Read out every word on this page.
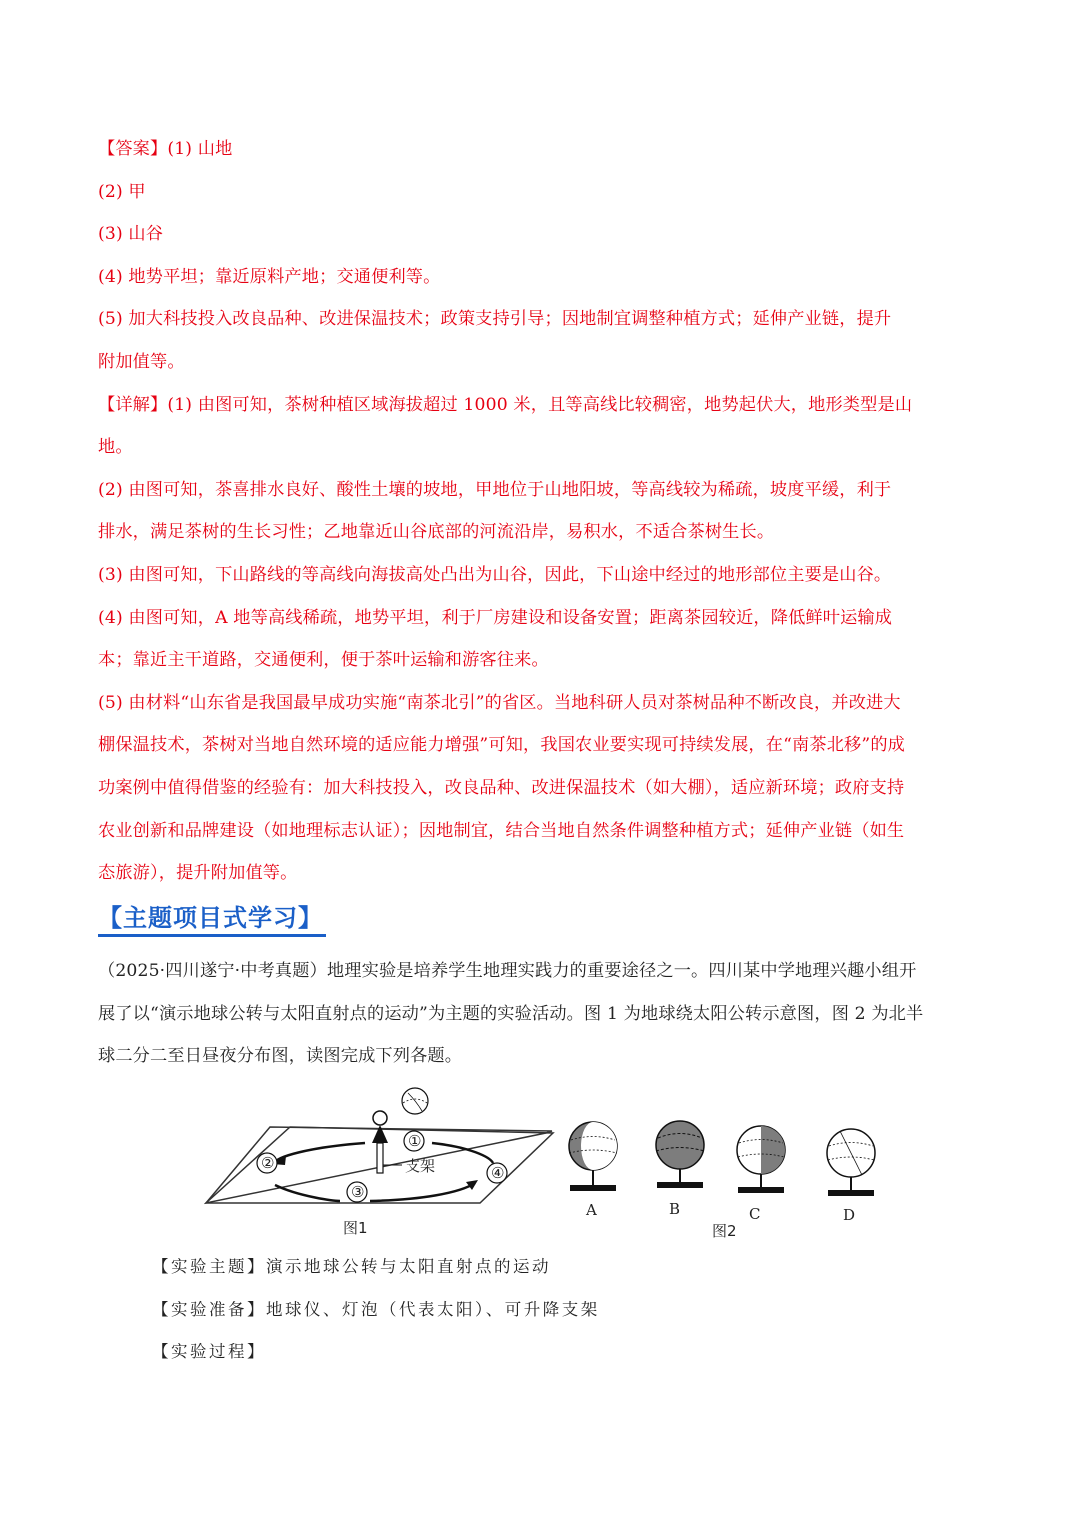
【答案】(1) 山地
(2) 甲
(3) 山谷
(4) 地势平坦；靠近原料产地；交通便利等。
(5) 加大科技投入改良品种、改进保温技术；政策支持引导；因地制宜调整种植方式；延伸产业链，提升
附加值等。
【详解】(1) 由图可知，茶树种植区域海拔超过 1000 米，且等高线比较稠密，地势起伏大，地形类型是山
地。
(2) 由图可知，茶喜排水良好、酸性土壤的坡地，甲地位于山地阳坡，等高线较为稀疏，坡度平缓，利于
排水，满足茶树的生长习性；乙地靠近山谷底部的河流沿岸，易积水，不适合茶树生长。
(3) 由图可知，下山路线的等高线向海拔高处凸出为山谷，因此，下山途中经过的地形部位主要是山谷。
(4) 由图可知，A 地等高线稀疏，地势平坦，利于厂房建设和设备安置；距离茶园较近，降低鲜叶运输成
本；靠近主干道路，交通便利，便于茶叶运输和游客往来。
(5) 由材料“山东省是我国最早成功实施“南茶北引”的省区。当地科研人员对茶树品种不断改良，并改进大
棚保温技术，茶树对当地自然环境的适应能力增强”可知，我国农业要实现可持续发展，在“南茶北移”的成
功案例中值得借鉴的经验有：加大科技投入，改良品种、改进保温技术（如大棚），适应新环境；政府支持
农业创新和品牌建设（如地理标志认证）；因地制宜，结合当地自然条件调整种植方式；延伸产业链（如生
态旅游），提升附加值等。
【主题项目式学习】
（2025·四川遂宁·中考真题）地理实验是培养学生地理实践力的重要途径之一。四川某中学地理兴趣小组开
展了以“演示地球公转与太阳直射点的运动”为主题的实验活动。图 1 为地球绕太阳公转示意图，图 2 为北半
球二分二至日昼夜分布图，读图完成下列各题。
支架
①
②
③
④
图1
A	B	C	D
图2
【实验主题】演示地球公转与太阳直射点的运动
【实验准备】地球仪、灯泡（代表太阳）、可升降支架
【实验过程】
